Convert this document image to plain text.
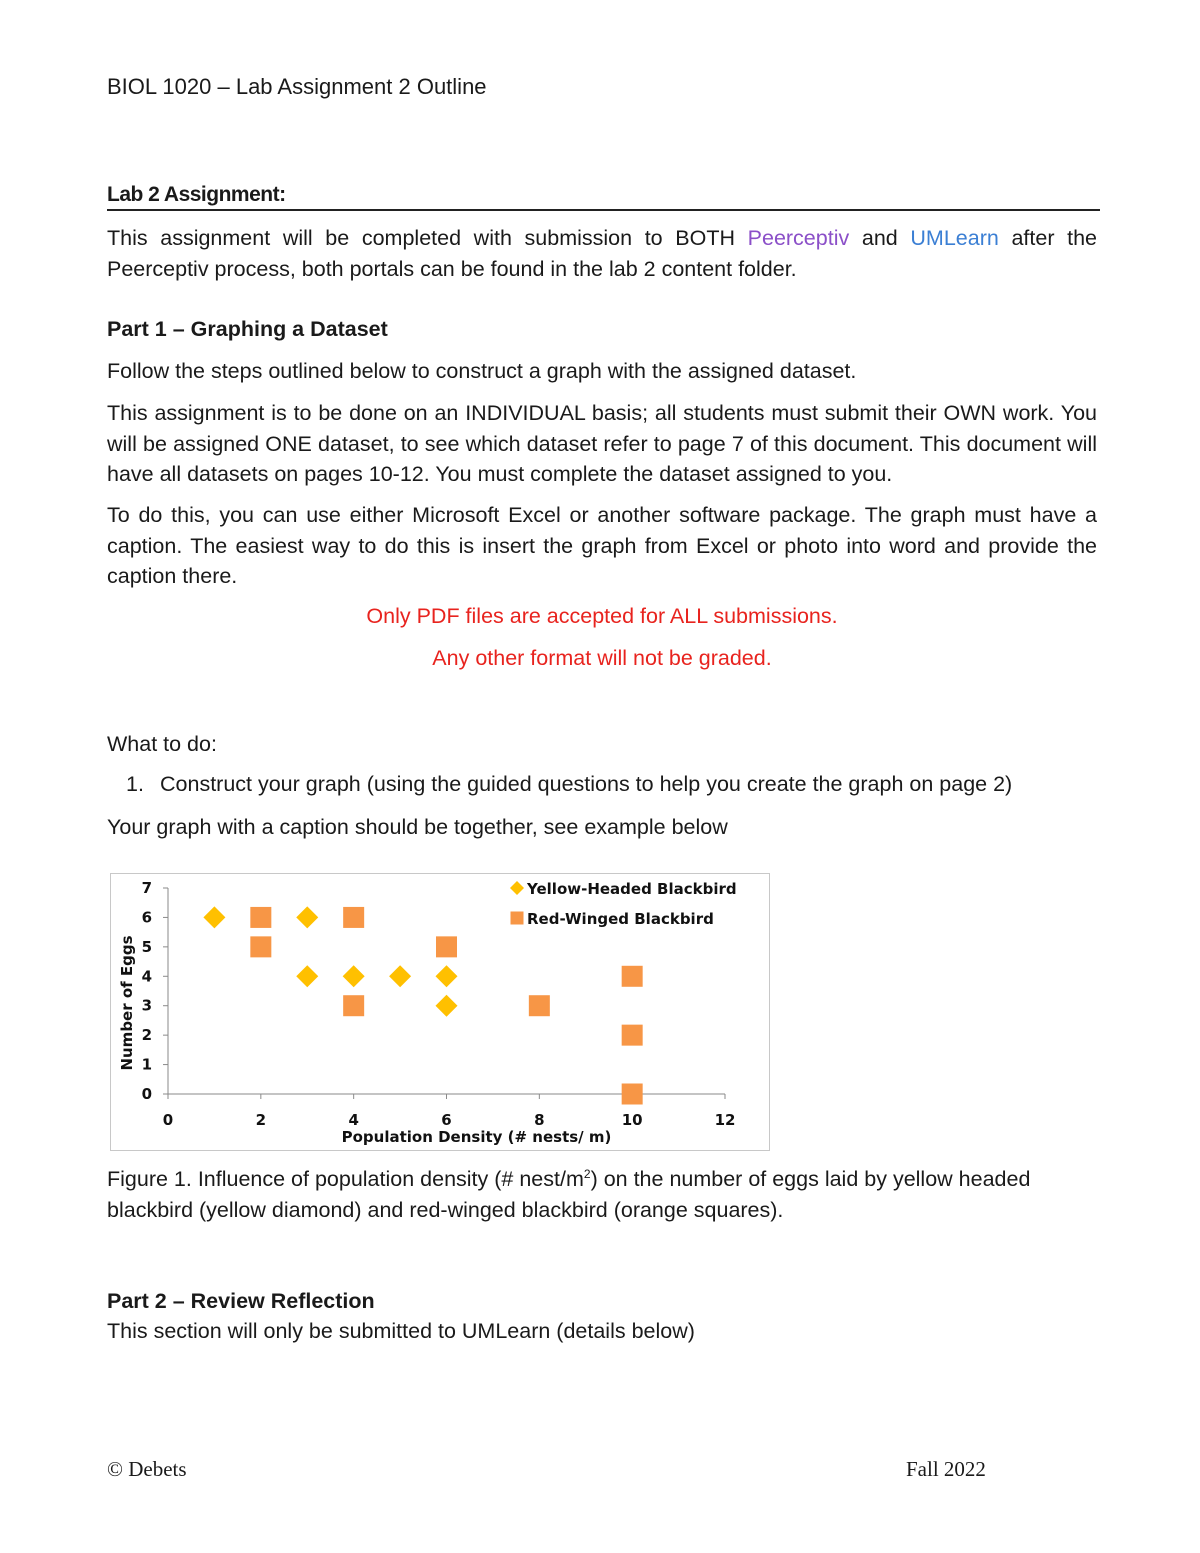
BIOL 1020 – Lab Assignment 2 Outline
Lab 2 Assignment:
This assignment will be completed with submission to BOTH Peerceptiv and UMLearn after the Peerceptiv process, both portals can be found in the lab 2 content folder.
Part 1 – Graphing a Dataset
Follow the steps outlined below to construct a graph with the assigned dataset.
This assignment is to be done on an INDIVIDUAL basis; all students must submit their OWN work. You will be assigned ONE dataset, to see which dataset refer to page 7 of this document. This document will have all datasets on pages 10-12. You must complete the dataset assigned to you.
To do this, you can use either Microsoft Excel or another software package. The graph must have a caption. The easiest way to do this is insert the graph from Excel or photo into word and provide the caption there.
Only PDF files are accepted for ALL submissions.
Any other format will not be graded.
What to do:
1. Construct your graph (using the guided questions to help you create the graph on page 2)
Your graph with a caption should be together, see example below
0
1
2
3
4
5
6
7
0	2	4	6	8	10	12
Population Density (# nests/ m)
Number of Eggs
Yellow-Headed Blackbird
Red-Winged Blackbird
Figure 1. Influence of population density (# nest/$m^2$) on the number of eggs laid by yellow headed blackbird (yellow diamond) and red-winged blackbird (orange squares).
Part 2 – Review Reflection
This section will only be submitted to UMLearn (details below)
© Debets	Fall 2022
